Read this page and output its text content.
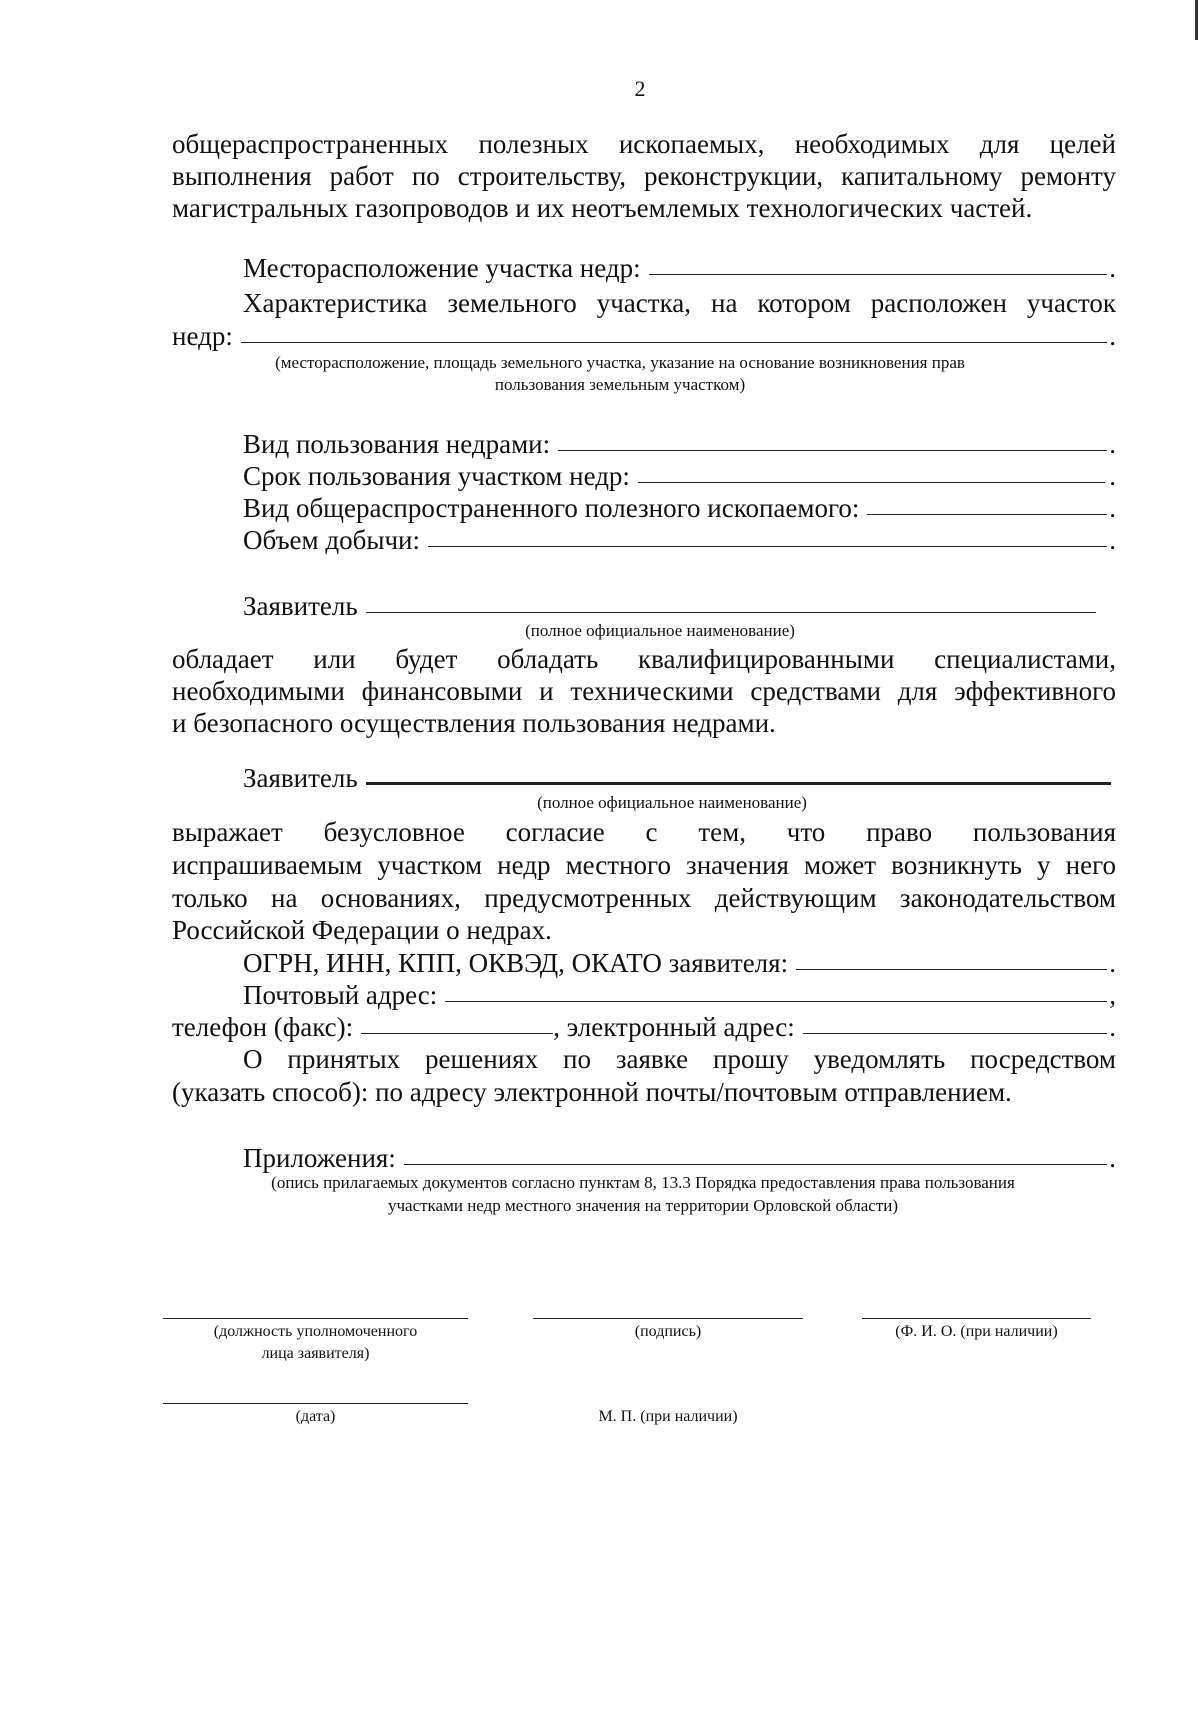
2
общераспространенных полезных ископаемых, необходимых для целей
выполнения работ по строительству, реконструкции, капитальному ремонту
магистральных газопроводов и их неотъемлемых технологических частей.
Месторасположение участка недр:	.
Характеристика земельного участка, на котором расположен участок
недр:	.
(месторасположение, площадь земельного участка, указание на основание возникновения прав
пользования земельным участком)
Вид пользования недрами:	.
Срок пользования участком недр:	.
Вид общераспространенного полезного ископаемого:	.
Объем добычи:	.
Заявитель
(полное официальное наименование)
обладает или будет обладать квалифицированными специалистами,
необходимыми финансовыми и техническими средствами для эффективного
и безопасного осуществления пользования недрами.
Заявитель
(полное официальное наименование)
выражает безусловное согласие с тем, что право пользования
испрашиваемым участком недр местного значения может возникнуть у него
только на основаниях, предусмотренных действующим законодательством
Российской Федерации о недрах.
ОГРН, ИНН, КПП, ОКВЭД, ОКАТО заявителя:	.
Почтовый адрес:	,
телефон (факс):	, электронный адрес:	.
О принятых решениях по заявке прошу уведомлять посредством
(указать способ): по адресу электронной почты/почтовым отправлением.
Приложения:	.
(опись прилагаемых документов согласно пунктам 8, 13.3 Порядка предоставления права пользования
участками недр местного значения на территории Орловской области)
(должность уполномоченного
лица заявителя)
(подпись)	(Ф. И. О. (при наличии)
(дата)	М. П. (при наличии)
